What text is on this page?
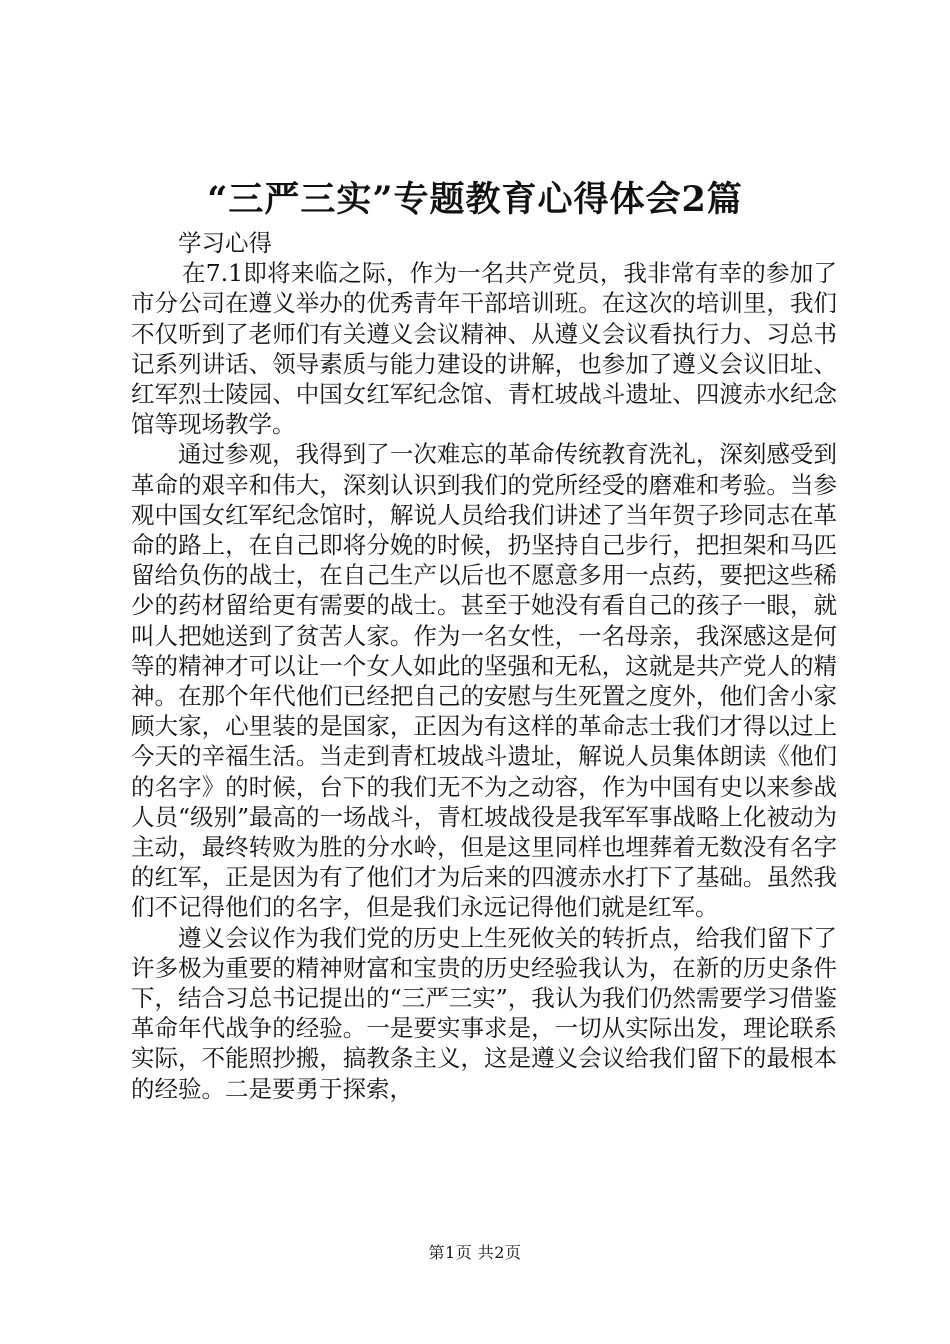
“三严三实”专题教育心得体会2篇

学习心得

在7.1即将来临之际，作为一名共产党员，我非常有幸的参加了市分公司在遵义举办的优秀青年干部培训班。在这次的培训里，我们不仅听到了老师们有关遵义会议精神、从遵义会议看执行力、习总书记系列讲话、领导素质与能力建设的讲解，也参加了遵义会议旧址、红军烈士陵园、中国女红军纪念馆、青杠坡战斗遗址、四渡赤水纪念馆等现场教学。

通过参观，我得到了一次难忘的革命传统教育洗礼，深刻感受到革命的艰辛和伟大，深刻认识到我们的党所经受的磨难和考验。当参观中国女红军纪念馆时，解说人员给我们讲述了当年贺子珍同志在革命的路上，在自己即将分娩的时候，扔坚持自己步行，把担架和马匹留给负伤的战士，在自己生产以后也不愿意多用一点药，要把这些稀少的药材留给更有需要的战士。甚至于她没有看自己的孩子一眼，就叫人把她送到了贫苦人家。作为一名女性，一名母亲，我深感这是何等的精神才可以让一个女人如此的坚强和无私，这就是共产党人的精神。在那个年代他们已经把自己的安慰与生死置之度外，他们舍小家顾大家，心里装的是国家，正因为有这样的革命志士我们才得以过上今天的辛福生活。当走到青杠坡战斗遗址，解说人员集体朗读《他们的名字》的时候，台下的我们无不为之动容，作为中国有史以来参战人员“级别”最高的一场战斗，青杠坡战役是我军军事战略上化被动为主动，最终转败为胜的分水岭，但是这里同样也埋葬着无数没有名字的红军，正是因为有了他们才为后来的四渡赤水打下了基础。虽然我们不记得他们的名字，但是我们永远记得他们就是红军。

遵义会议作为我们党的历史上生死攸关的转折点，给我们留下了许多极为重要的精神财富和宝贵的历史经验我认为，在新的历史条件下，结合习总书记提出的“三严三实”，我认为我们仍然需要学习借鉴革命年代战争的经验。一是要实事求是，一切从实际出发，理论联系实际，不能照抄搬，搞教条主义，这是遵义会议给我们留下的最根本的经验。二是要勇于探索，

第1页 共2页
